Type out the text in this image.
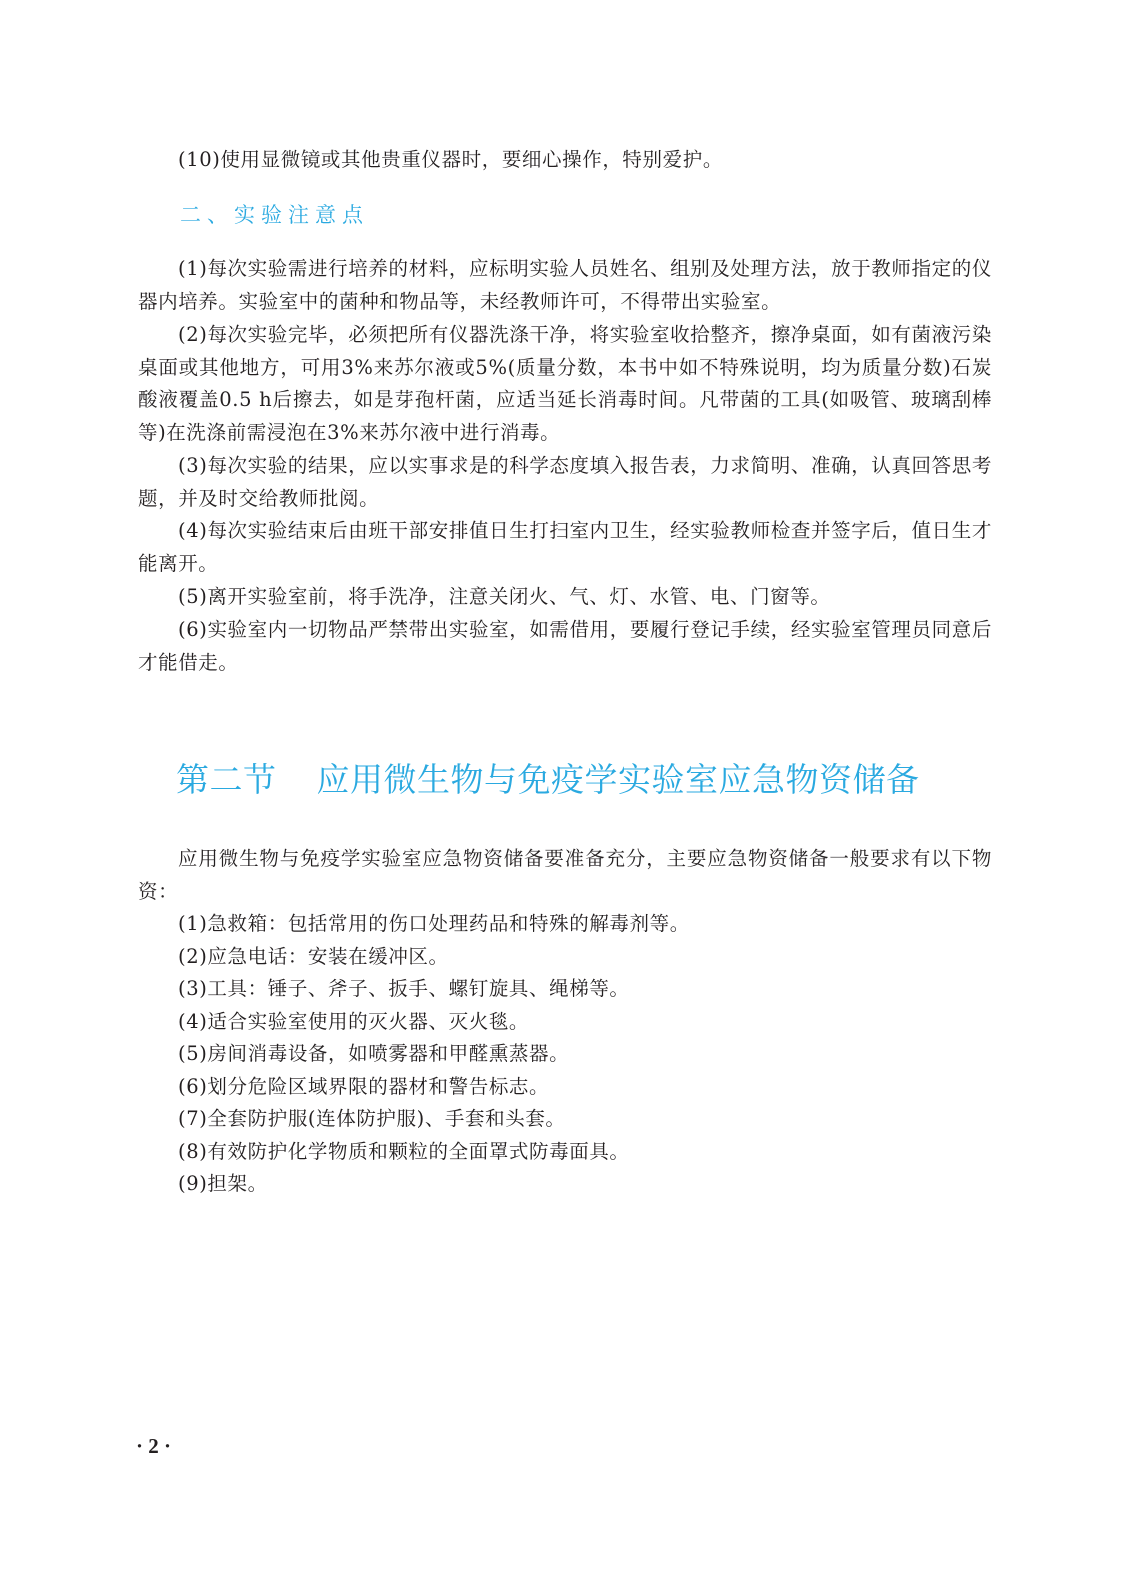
(10)使用显微镜或其他贵重仪器时，要细心操作，特别爱护。

二、实验注意点

(1)每次实验需进行培养的材料，应标明实验人员姓名、组别及处理方法，放于教师指定的仪器内培养。实验室中的菌种和物品等，未经教师许可，不得带出实验室。

(2)每次实验完毕，必须把所有仪器洗涤干净，将实验室收拾整齐，擦净桌面，如有菌液污染桌面或其他地方，可用3%来苏尔液或5%(质量分数，本书中如不特殊说明，均为质量分数)石炭酸液覆盖0.5 h后擦去，如是芽孢杆菌，应适当延长消毒时间。凡带菌的工具(如吸管、玻璃刮棒等)在洗涤前需浸泡在3%来苏尔液中进行消毒。

(3)每次实验的结果，应以实事求是的科学态度填入报告表，力求简明、准确，认真回答思考题，并及时交给教师批阅。

(4)每次实验结束后由班干部安排值日生打扫室内卫生，经实验教师检查并签字后，值日生才能离开。

(5)离开实验室前，将手洗净，注意关闭火、气、灯、水管、电、门窗等。

(6)实验室内一切物品严禁带出实验室，如需借用，要履行登记手续，经实验室管理员同意后才能借走。

第二节 应用微生物与免疫学实验室应急物资储备

应用微生物与免疫学实验室应急物资储备要准备充分，主要应急物资储备一般要求有以下物资：

(1)急救箱：包括常用的伤口处理药品和特殊的解毒剂等。

(2)应急电话：安装在缓冲区。

(3)工具：锤子、斧子、扳手、螺钉旋具、绳梯等。

(4)适合实验室使用的灭火器、灭火毯。

(5)房间消毒设备，如喷雾器和甲醛熏蒸器。

(6)划分危险区域界限的器材和警告标志。

(7)全套防护服(连体防护服)、手套和头套。

(8)有效防护化学物质和颗粒的全面罩式防毒面具。

(9)担架。

· 2 ·
